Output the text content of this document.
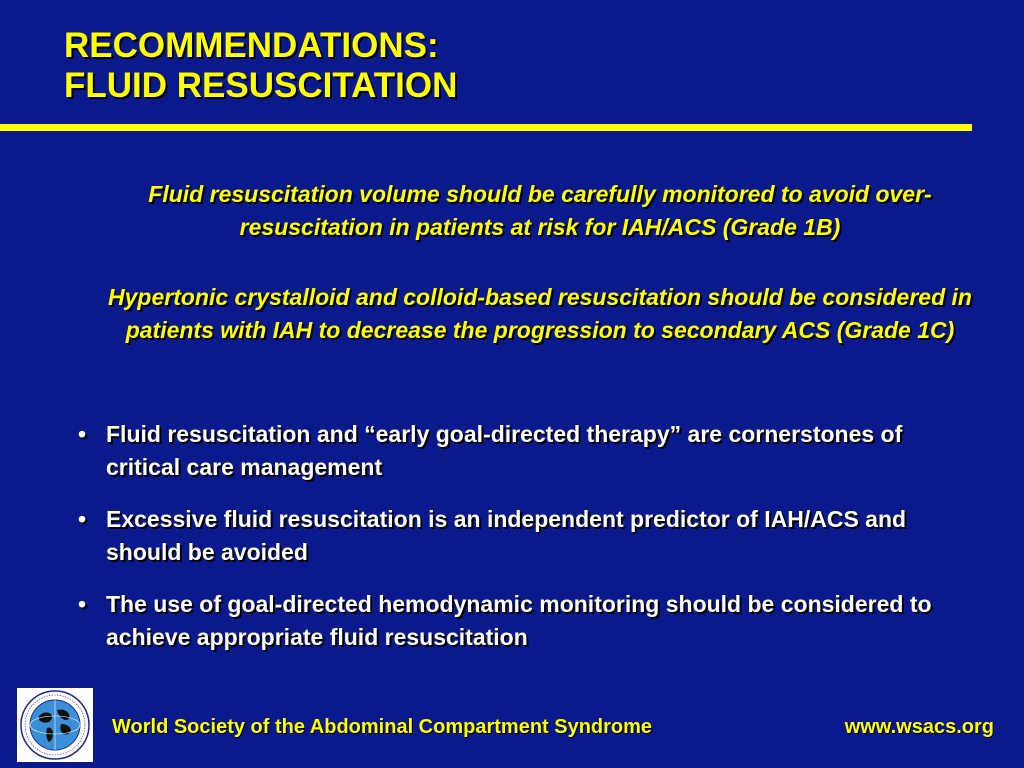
RECOMMENDATIONS:
FLUID RESUSCITATION
Fluid resuscitation volume should be carefully monitored to avoid over-resuscitation in patients at risk for IAH/ACS (Grade 1B)
Hypertonic crystalloid and colloid-based resuscitation should be considered in patients with IAH to decrease the progression to secondary ACS (Grade 1C)
• Fluid resuscitation and “early goal-directed therapy” are cornerstones of critical care management
• Excessive fluid resuscitation is an independent predictor of IAH/ACS and should be avoided
• The use of goal-directed hemodynamic monitoring should be considered to achieve appropriate fluid resuscitation
World Society of the Abdominal Compartment Syndrome	www.wsacs.org
